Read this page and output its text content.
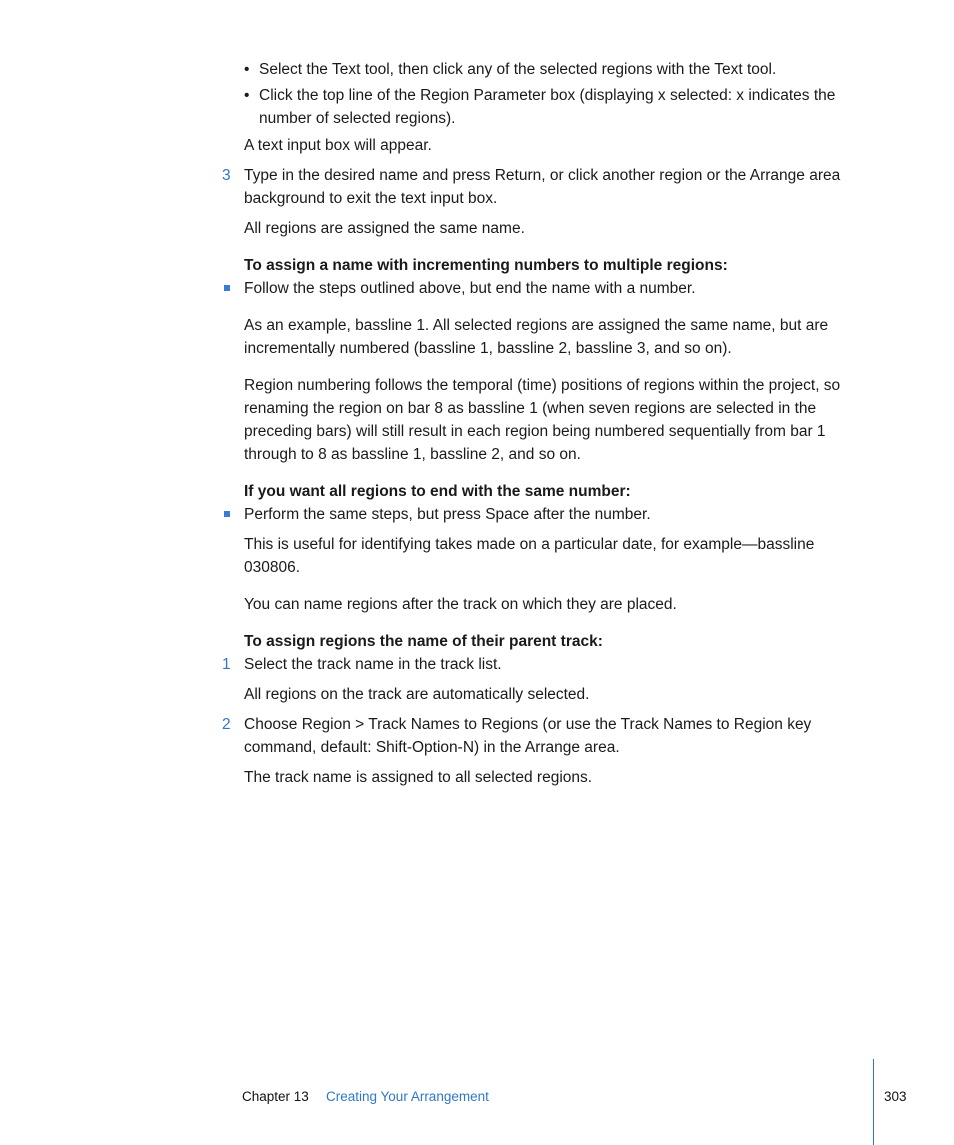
• Select the Text tool, then click any of the selected regions with the Text tool.
• Click the top line of the Region Parameter box (displaying x selected: x indicates the number of selected regions).

A text input box will appear.

3 Type in the desired name and press Return, or click another region or the Arrange area background to exit the text input box.

All regions are assigned the same name.

To assign a name with incrementing numbers to multiple regions:

Follow the steps outlined above, but end the name with a number.

As an example, bassline 1. All selected regions are assigned the same name, but are incrementally numbered (bassline 1, bassline 2, bassline 3, and so on).

Region numbering follows the temporal (time) positions of regions within the project, so renaming the region on bar 8 as bassline 1 (when seven regions are selected in the preceding bars) will still result in each region being numbered sequentially from bar 1 through to 8 as bassline 1, bassline 2, and so on.

If you want all regions to end with the same number:

Perform the same steps, but press Space after the number.

This is useful for identifying takes made on a particular date, for example—bassline 030806.

You can name regions after the track on which they are placed.

To assign regions the name of their parent track:

1 Select the track name in the track list.

All regions on the track are automatically selected.

2 Choose Region > Track Names to Regions (or use the Track Names to Region key command, default: Shift-Option-N) in the Arrange area.

The track name is assigned to all selected regions.

Chapter 13 Creating Your Arrangement	303
